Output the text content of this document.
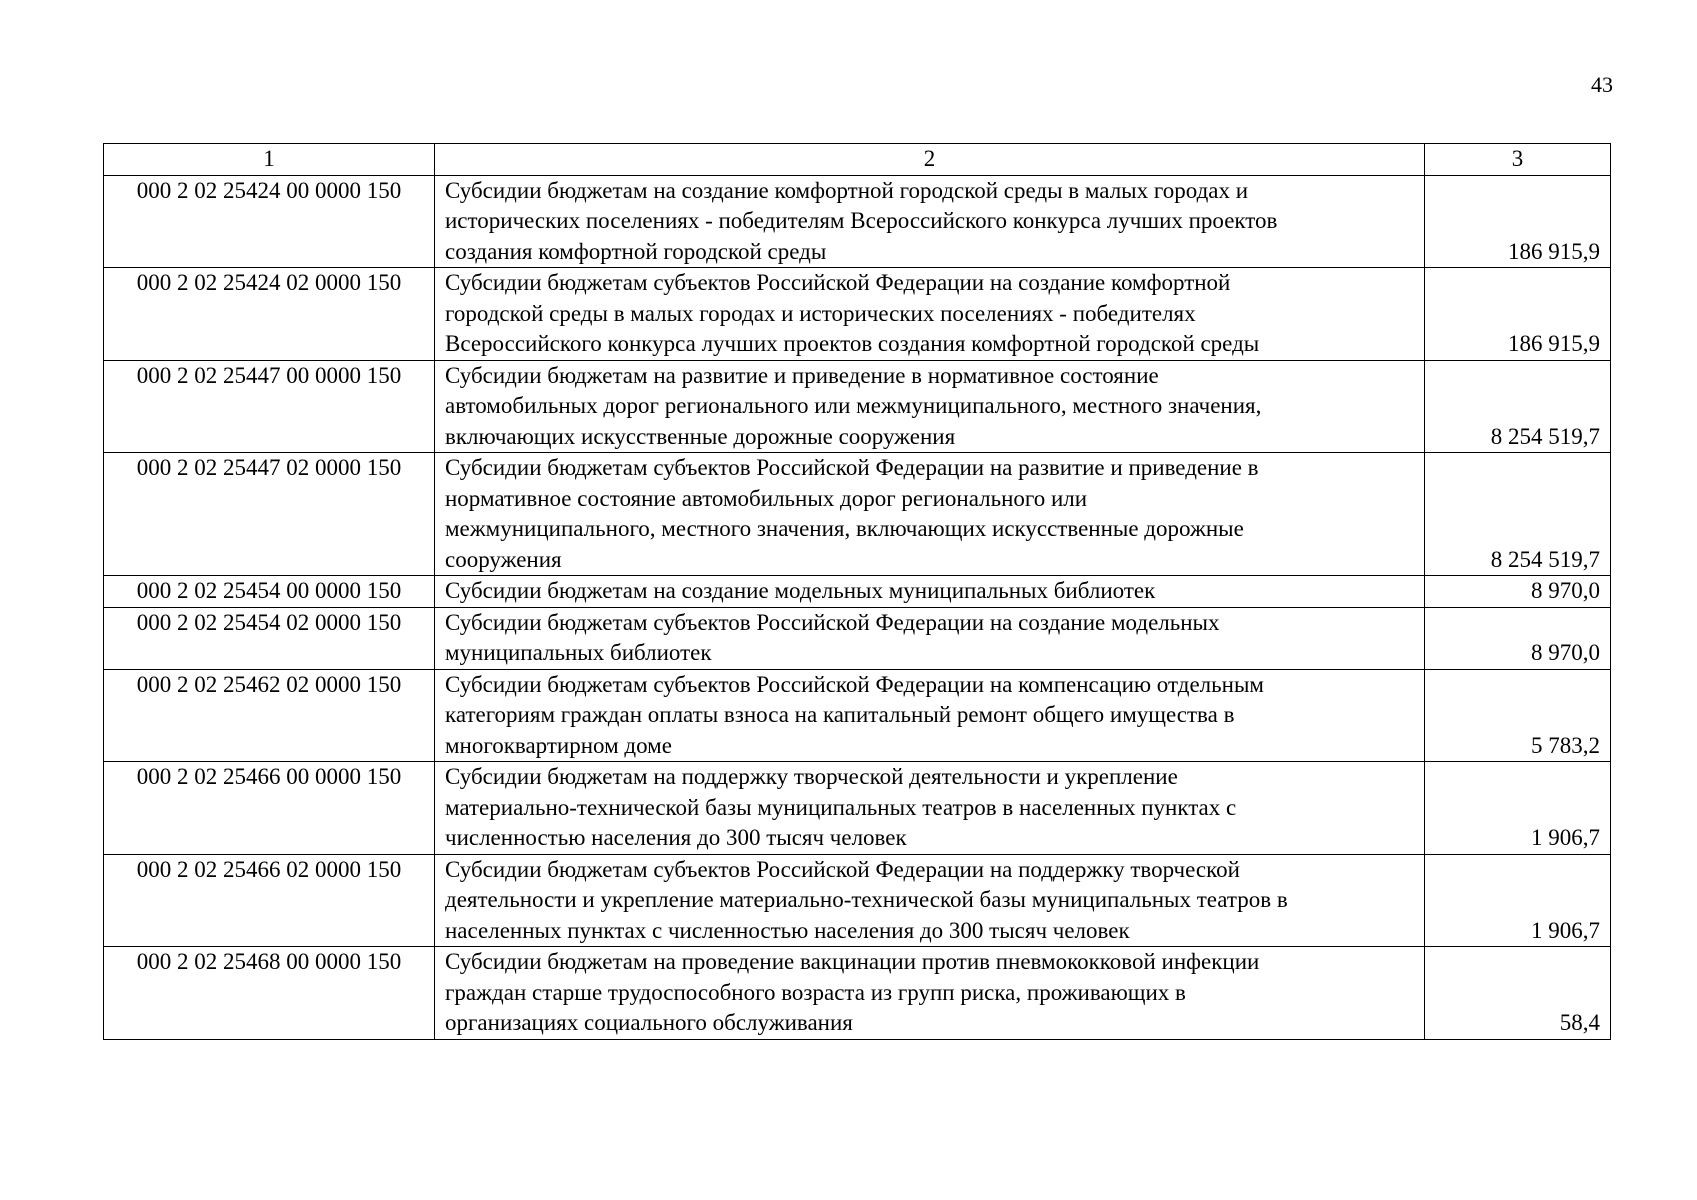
43
1	2	3
000 2 02 25424 00 0000 150	Субсидии бюджетам на создание комфортной городской среды в малых городах и
исторических поселениях - победителям Всероссийского конкурса лучших проектов
создания комфортной городской среды	186 915,9
000 2 02 25424 02 0000 150	Субсидии бюджетам субъектов Российской Федерации на создание комфортной
городской среды в малых городах и исторических поселениях - победителях
Всероссийского конкурса лучших проектов создания комфортной городской среды	186 915,9
000 2 02 25447 00 0000 150	Субсидии бюджетам на развитие и приведение в нормативное состояние
автомобильных дорог регионального или межмуниципального, местного значения,
включающих искусственные дорожные сооружения	8 254 519,7
000 2 02 25447 02 0000 150	Субсидии бюджетам субъектов Российской Федерации на развитие и приведение в
нормативное состояние автомобильных дорог регионального или
межмуниципального, местного значения, включающих искусственные дорожные
сооружения	8 254 519,7
000 2 02 25454 00 0000 150	Субсидии бюджетам на создание модельных муниципальных библиотек	8 970,0
000 2 02 25454 02 0000 150	Субсидии бюджетам субъектов Российской Федерации на создание модельных
муниципальных библиотек	8 970,0
000 2 02 25462 02 0000 150	Субсидии бюджетам субъектов Российской Федерации на компенсацию отдельным
категориям граждан оплаты взноса на капитальный ремонт общего имущества в
многоквартирном доме	5 783,2
000 2 02 25466 00 0000 150	Субсидии бюджетам на поддержку творческой деятельности и укрепление
материально-технической базы муниципальных театров в населенных пунктах с
численностью населения до 300 тысяч человек	1 906,7
000 2 02 25466 02 0000 150	Субсидии бюджетам субъектов Российской Федерации на поддержку творческой
деятельности и укрепление материально-технической базы муниципальных театров в
населенных пунктах с численностью населения до 300 тысяч человек	1 906,7
000 2 02 25468 00 0000 150	Субсидии бюджетам на проведение вакцинации против пневмококковой инфекции
граждан старше трудоспособного возраста из групп риска, проживающих в
организациях социального обслуживания	58,4
